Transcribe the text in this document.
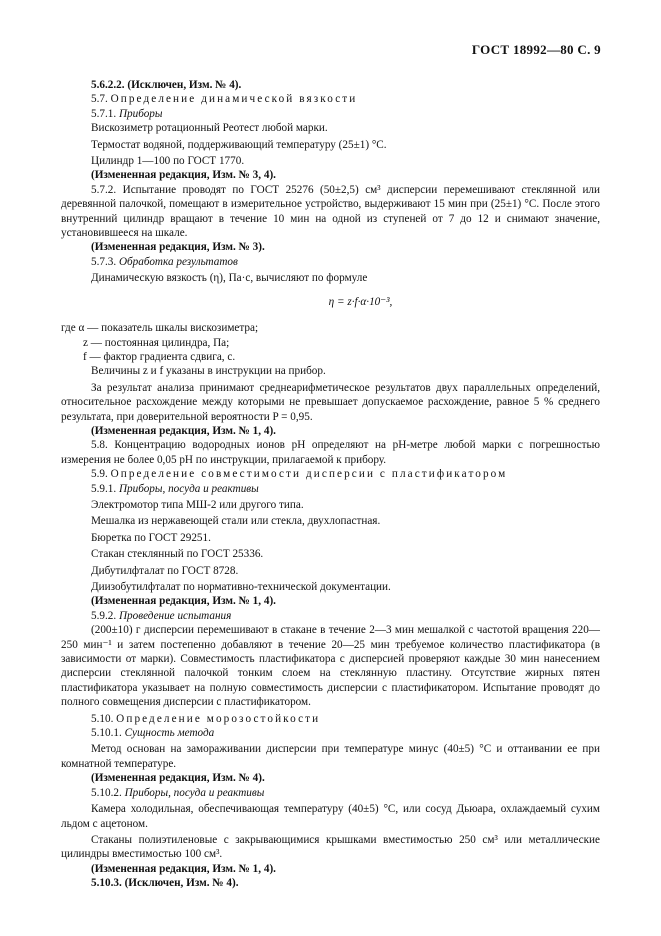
ГОСТ 18992—80 С. 9

5.6.2.2. (Исключен, Изм. № 4).

5.7. Определение динамической вязкости

5.7.1. Приборы

Вискозиметр ротационный Реотест любой марки.

Термостат водяной, поддерживающий температуру (25±1) °С.

Цилиндр 1—100 по ГОСТ 1770.

(Измененная редакция, Изм. № 3, 4).

5.7.2. Испытание проводят по ГОСТ 25276 (50±2,5) см³ дисперсии перемешивают стеклянной или деревянной палочкой, помещают в измерительное устройство, выдерживают 15 мин при (25±1) °С. После этого внутренний цилиндр вращают в течение 10 мин на одной из ступеней от 7 до 12 и снимают значение, установившееся на шкале.

(Измененная редакция, Изм. № 3).

5.7.3. Обработка результатов

Динамическую вязкость (η), Па·с, вычисляют по формуле

η = z·f·α·10⁻³,

где α — показатель шкалы вискозиметра;

z — постоянная цилиндра, Па;

f — фактор градиента сдвига, с.

Величины z и f указаны в инструкции на прибор.

За результат анализа принимают среднеарифметическое результатов двух параллельных определений, относительное расхождение между которыми не превышает допускаемое расхождение, равное 5 % среднего результата, при доверительной вероятности P = 0,95.

(Измененная редакция, Изм. № 1, 4).

5.8. Концентрацию водородных ионов рН определяют на рН-метре любой марки с погрешностью измерения не более 0,05 рН по инструкции, прилагаемой к прибору.

5.9. Определение совместимости дисперсии с пластификатором

5.9.1. Приборы, посуда и реактивы

Электромотор типа МШ-2 или другого типа.

Мешалка из нержавеющей стали или стекла, двухлопастная.

Бюретка по ГОСТ 29251.

Стакан стеклянный по ГОСТ 25336.

Дибутилфталат по ГОСТ 8728.

Диизобутилфталат по нормативно-технической документации.

(Измененная редакция, Изм. № 1, 4).

5.9.2. Проведение испытания

(200±10) г дисперсии перемешивают в стакане в течение 2—3 мин мешалкой с частотой вращения 220—250 мин⁻¹ и затем постепенно добавляют в течение 20—25 мин требуемое количество пластификатора (в зависимости от марки). Совместимость пластификатора с дисперсией проверяют каждые 30 мин нанесением дисперсии стеклянной палочкой тонким слоем на стеклянную пластину. Отсутствие жирных пятен пластификатора указывает на полную совместимость дисперсии с пластификатором. Испытание проводят до полного совмещения дисперсии с пластификатором.

5.10. Определение морозостойкости

5.10.1. Сущность метода

Метод основан на замораживании дисперсии при температуре минус (40±5) °С и оттаивании ее при комнатной температуре.

(Измененная редакция, Изм. № 4).

5.10.2. Приборы, посуда и реактивы

Камера холодильная, обеспечивающая температуру (40±5) °С, или сосуд Дьюара, охлаждаемый сухим льдом с ацетоном.

Стаканы полиэтиленовые с закрывающимися крышками вместимостью 250 см³ или металлические цилиндры вместимостью 100 см³.

(Измененная редакция, Изм. № 1, 4).

5.10.3. (Исключен, Изм. № 4).
